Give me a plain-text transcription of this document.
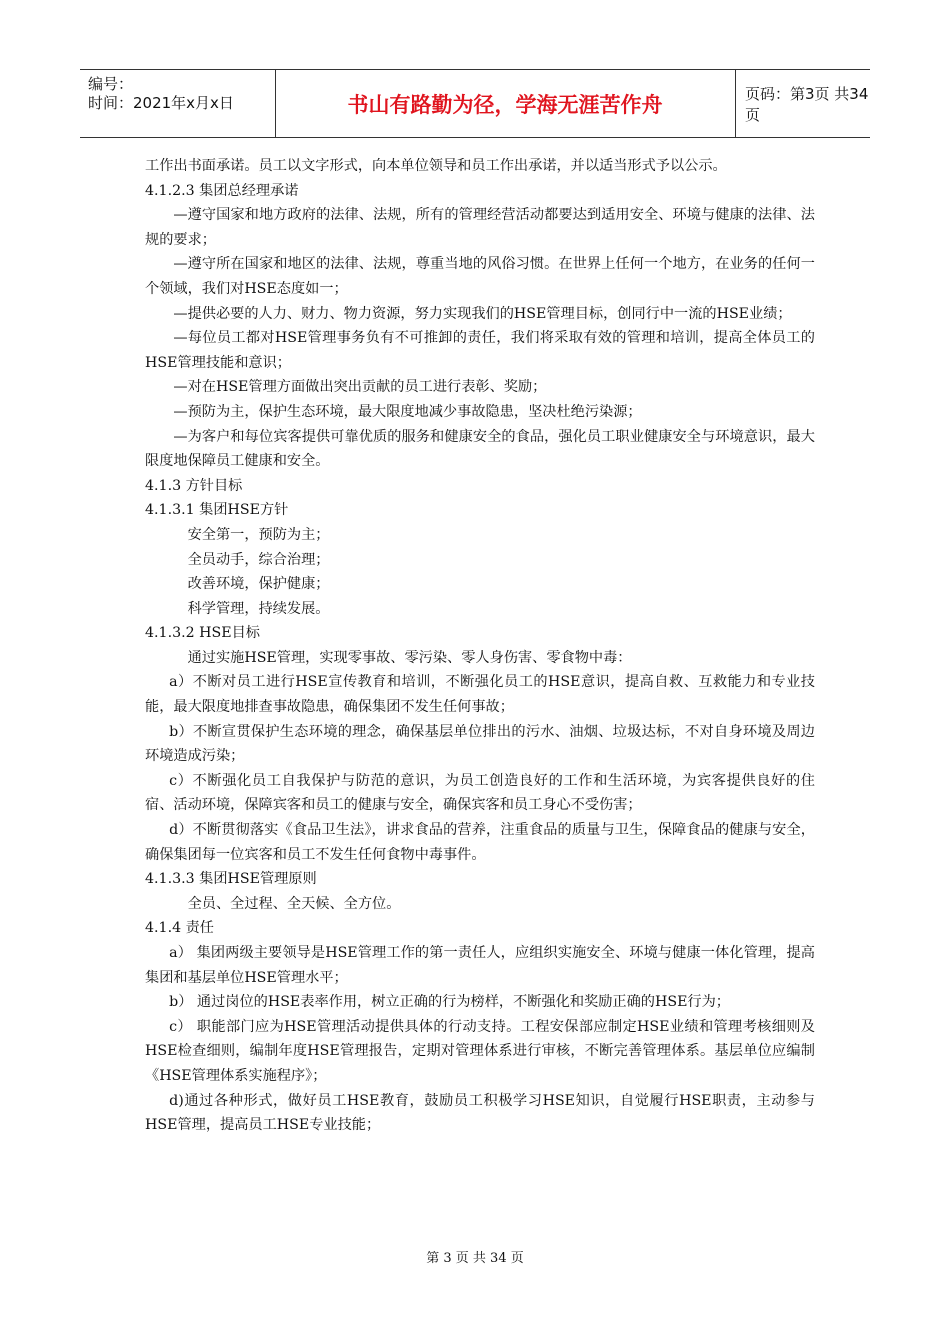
编号：
时间：2021年x月x日	书山有路勤为径，学海无涯苦作舟	页码：第3页 共34页

工作出书面承诺。员工以文字形式，向本单位领导和员工作出承诺，并以适当形式予以公示。

4.1.2.3 集团总经理承诺

—遵守国家和地方政府的法律、法规，所有的管理经营活动都要达到适用安全、环境与健康的法律、法规的要求；

—遵守所在国家和地区的法律、法规，尊重当地的风俗习惯。在世界上任何一个地方，在业务的任何一个领域，我们对HSE态度如一；

—提供必要的人力、财力、物力资源，努力实现我们的HSE管理目标，创同行中一流的HSE业绩；

—每位员工都对HSE管理事务负有不可推卸的责任，我们将采取有效的管理和培训，提高全体员工的HSE管理技能和意识；

—对在HSE管理方面做出突出贡献的员工进行表彰、奖励；

—预防为主，保护生态环境，最大限度地减少事故隐患，坚决杜绝污染源；

—为客户和每位宾客提供可靠优质的服务和健康安全的食品，强化员工职业健康安全与环境意识，最大限度地保障员工健康和安全。

4.1.3 方针目标

4.1.3.1 集团HSE方针

安全第一，预防为主；

全员动手，综合治理；

改善环境，保护健康；

科学管理，持续发展。

4.1.3.2 HSE目标

通过实施HSE管理，实现零事故、零污染、零人身伤害、零食物中毒：

a）不断对员工进行HSE宣传教育和培训，不断强化员工的HSE意识，提高自救、互救能力和专业技能，最大限度地排查事故隐患，确保集团不发生任何事故；

b）不断宣贯保护生态环境的理念，确保基层单位排出的污水、油烟、垃圾达标，不对自身环境及周边环境造成污染；

c）不断强化员工自我保护与防范的意识，为员工创造良好的工作和生活环境，为宾客提供良好的住宿、活动环境，保障宾客和员工的健康与安全，确保宾客和员工身心不受伤害；

d）不断贯彻落实《食品卫生法》，讲求食品的营养，注重食品的质量与卫生，保障食品的健康与安全，确保集团每一位宾客和员工不发生任何食物中毒事件。

4.1.3.3 集团HSE管理原则

全员、全过程、全天候、全方位。

4.1.4 责任

a） 集团两级主要领导是HSE管理工作的第一责任人，应组织实施安全、环境与健康一体化管理，提高集团和基层单位HSE管理水平；

b） 通过岗位的HSE表率作用，树立正确的行为榜样，不断强化和奖励正确的HSE行为；

c） 职能部门应为HSE管理活动提供具体的行动支持。工程安保部应制定HSE业绩和管理考核细则及HSE检查细则，编制年度HSE管理报告，定期对管理体系进行审核，不断完善管理体系。基层单位应编制《HSE管理体系实施程序》；

d)通过各种形式，做好员工HSE教育，鼓励员工积极学习HSE知识，自觉履行HSE职责，主动参与HSE管理，提高员工HSE专业技能；

第 3 页 共 34 页
